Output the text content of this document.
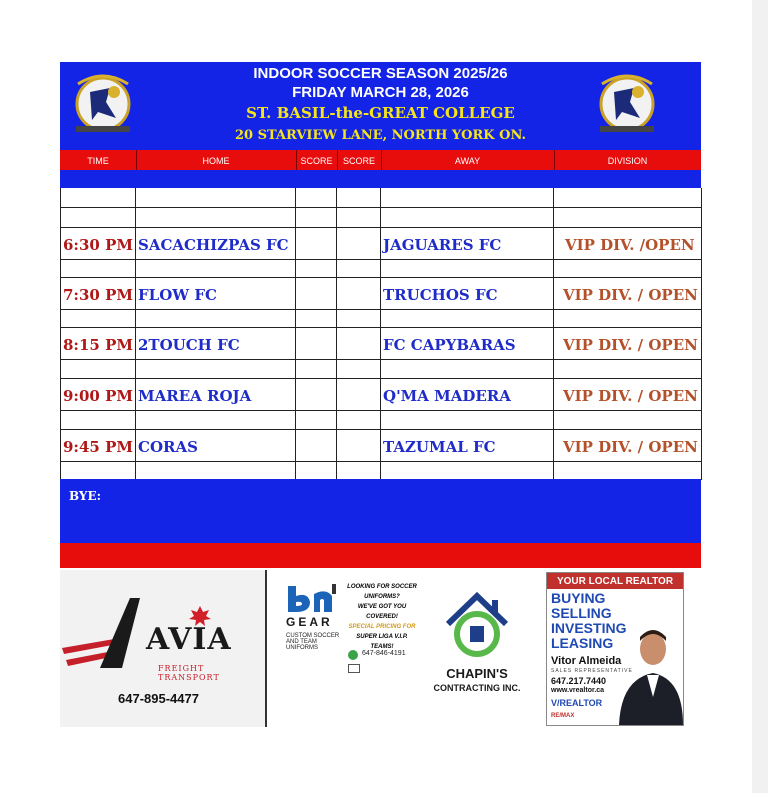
INDOOR SOCCER SEASON 2025/26
FRIDAY MARCH 28, 2026
ST. BASIL-the-GREAT COLLEGE
20 STARVIEW LANE, NORTH YORK ON.
TIME	HOME	SCORE	SCORE	AWAY	DIVISION
6:30 PM SACACHIZPAS FC	JAGUARES FC	VIP DIV. /OPEN
7:30 PM FLOW FC	TRUCHOS FC	VIP DIV. / OPEN
8:15 PM 2TOUCH FC	FC CAPYBARAS	VIP DIV. / OPEN
9:00 PM MAREA ROJA	Q'MA MADERA	VIP DIV. / OPEN
9:45 PM CORAS	TAZUMAL FC	VIP DIV. / OPEN
BYE:
AVIA
FREIGHT TRANSPORT
647-895-4477
GEAR
CUSTOM SOCCER AND TEAM UNIFORMS
LOOKING FOR SOCCER
UNIFORMS?
WE'VE GOT YOU COVERED!
SPECIAL PRICING FOR
SUPER LIGA V.I.P.
TEAMS!
647-846-4191
CHAPIN'S
CONTRACTING INC.
YOUR LOCAL REALTOR
BUYING
SELLING
INVESTING
LEASING
Vitor Almeida
SALES REPRESENTATIVE
647.217.7440
www.vrealtor.ca
V/REALTOR
RE/MAX
